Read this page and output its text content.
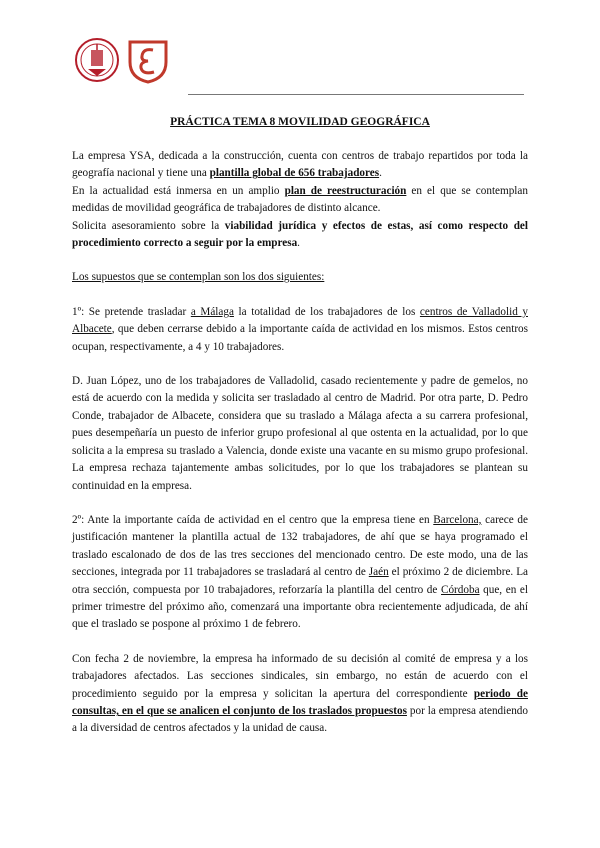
PRÁCTICA TEMA 8 MOVILIDAD GEOGRÁFICA

La empresa YSA, dedicada a la construcción, cuenta con centros de trabajo repartidos por toda la geografía nacional y tiene una plantilla global de 656 trabajadores.

En la actualidad está inmersa en un amplio plan de reestructuración en el que se contemplan medidas de movilidad geográfica de trabajadores de distinto alcance.

Solicita asesoramiento sobre la viabilidad jurídica y efectos de estas, así como respecto del procedimiento correcto a seguir por la empresa.

Los supuestos que se contemplan son los dos siguientes:

1º: Se pretende trasladar a Málaga la totalidad de los trabajadores de los centros de Valladolid y Albacete, que deben cerrarse debido a la importante caída de actividad en los mismos. Estos centros ocupan, respectivamente, a 4 y 10 trabajadores.

D. Juan López, uno de los trabajadores de Valladolid, casado recientemente y padre de gemelos, no está de acuerdo con la medida y solicita ser trasladado al centro de Madrid. Por otra parte, D. Pedro Conde, trabajador de Albacete, considera que su traslado a Málaga afecta a su carrera profesional, pues desempeñaría un puesto de inferior grupo profesional al que ostenta en la actualidad, por lo que solicita a la empresa su traslado a Valencia, donde existe una vacante en su mismo grupo profesional. La empresa rechaza tajantemente ambas solicitudes, por lo que los trabajadores se plantean su continuidad en la empresa.

2º: Ante la importante caída de actividad en el centro que la empresa tiene en Barcelona, carece de justificación mantener la plantilla actual de 132 trabajadores, de ahí que se haya programado el traslado escalonado de dos de las tres secciones del mencionado centro. De este modo, una de las secciones, integrada por 11 trabajadores se trasladará al centro de Jaén el próximo 2 de diciembre. La otra sección, compuesta por 10 trabajadores, reforzaría la plantilla del centro de Córdoba que, en el primer trimestre del próximo año, comenzará una importante obra recientemente adjudicada, de ahí que el traslado se pospone al próximo 1 de febrero.

Con fecha 2 de noviembre, la empresa ha informado de su decisión al comité de empresa y a los trabajadores afectados. Las secciones sindicales, sin embargo, no están de acuerdo con el procedimiento seguido por la empresa y solicitan la apertura del correspondiente periodo de consultas, en el que se analicen el conjunto de los traslados propuestos por la empresa atendiendo a la diversidad de centros afectados y la unidad de causa.
